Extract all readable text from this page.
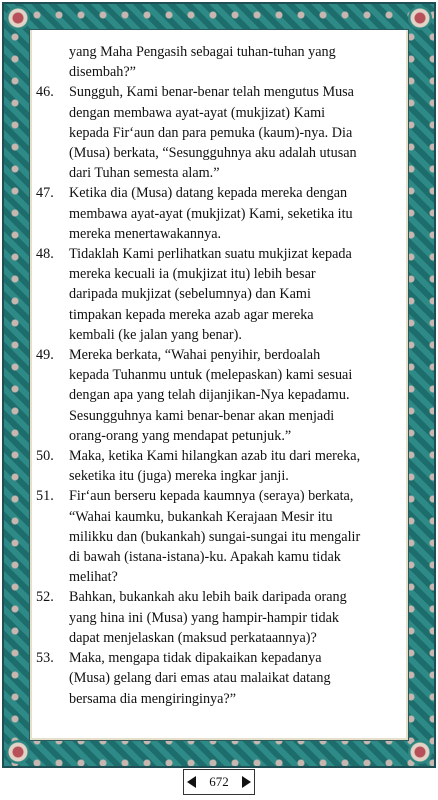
yang Maha Pengasih sebagai tuhan-tuhan yang

disembah?”

46.	Sungguh, Kami benar-benar telah mengutus Musa

dengan membawa ayat-ayat (mukjizat) Kami

kepada Fir‘aun dan para pemuka (kaum)-nya. Dia

(Musa) berkata, “Sesungguhnya aku adalah utusan

dari Tuhan semesta alam.”

47.	Ketika dia (Musa) datang kepada mereka dengan

membawa ayat-ayat (mukjizat) Kami, seketika itu

mereka menertawakannya.

48.	Tidaklah Kami perlihatkan suatu mukjizat kepada

mereka kecuali ia (mukjizat itu) lebih besar

daripada mukjizat (sebelumnya) dan Kami

timpakan kepada mereka azab agar mereka

kembali (ke jalan yang benar).

49.	Mereka berkata, “Wahai penyihir, berdoalah

kepada Tuhanmu untuk (melepaskan) kami sesuai

dengan apa yang telah dijanjikan-Nya kepadamu.

Sesungguhnya kami benar-benar akan menjadi

orang-orang yang mendapat petunjuk.”

50.	Maka, ketika Kami hilangkan azab itu dari mereka,

seketika itu (juga) mereka ingkar janji.

51.	Fir‘aun berseru kepada kaumnya (seraya) berkata,

“Wahai kaumku, bukankah Kerajaan Mesir itu

milikku dan (bukankah) sungai-sungai itu mengalir

di bawah (istana-istana)-ku. Apakah kamu tidak

melihat?

52.	Bahkan, bukankah aku lebih baik daripada orang

yang hina ini (Musa) yang hampir-hampir tidak

dapat menjelaskan (maksud perkataannya)?

53.	Maka, mengapa tidak dipakaikan kepadanya

(Musa) gelang dari emas atau malaikat datang

bersama dia mengiringinya?”

672
